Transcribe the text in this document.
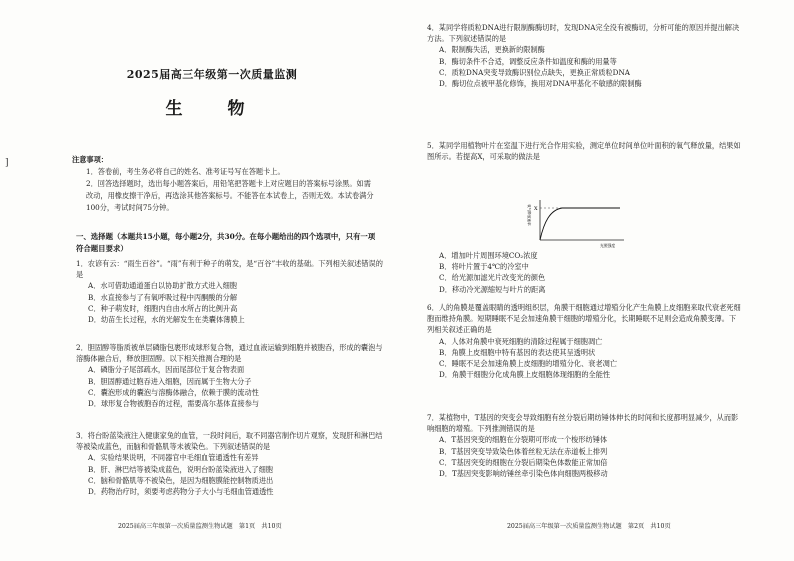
]
2025届高三年级第一次质量监测
生　物
注意事项：
1．答卷前，考生务必将自己的姓名、准考证号写在答题卡上。
2．回答选择题时，选出每小题答案后，用铅笔把答题卡上对应题目的答案标号涂黑。如需改动，用橡皮擦干净后，再选涂其他答案标号。不能答在本试卷上，否则无效。本试卷满分100分，考试时间75分钟。
一、选择题（本题共15小题，每小题2分，共30分。在每小题给出的四个选项中，只有一项符合题目要求）
1．农谚有云：“雨生百谷”。“雨”有利于种子的萌发，是“百谷”丰收的基础。下列相关叙述错误的是
A．水可借助通道蛋白以协助扩散方式进入细胞
B．水直接参与了有氧呼吸过程中丙酮酸的分解
C．种子萌发时，细胞内自由水所占的比例升高
D．幼苗生长过程，水的光解发生在类囊体薄膜上
2．胆固醇等脂质被单层磷脂包裹形成球形复合物，通过血液运输到细胞并被胞吞，形成的囊泡与溶酶体融合后，释放胆固醇。以下相关推测合理的是
A．磷脂分子尾部疏水，因而尾部位于复合物表面
B．胆固醇通过胞吞进入细胞，因而属于生物大分子
C．囊泡形成的囊泡与溶酶体融合，依赖于膜的流动性
D．球形复合物被胞吞的过程，需要高尔基体直接参与
3．将台盼蓝染液注入健康家兔的血管，一段时间后，取不同器官制作切片观察，发现肝和淋巴结等被染成蓝色，而脑和骨骼肌等未被染色。下列叙述错误的是
A．实验结果说明，不同器官中毛细血管通透性有差异
B．肝、淋巴结等被染成蓝色，说明台盼蓝染液进入了细胞
C．脑和骨骼肌等不被染色，是因为细胞膜能控制物质进出
D．药物治疗时，须要考虑药物分子大小与毛细血管通透性
2025届高三年级第一次质量监测生物试题　第1页　共10页
4．某同学将质粒DNA进行限制酶酶切时，发现DNA完全没有被酶切，分析可能的原因并提出解决方法。下列叙述错误的是
A．限制酶失活，更换新的限制酶
B．酶切条件不合适，调整反应条件如温度和酶的用量等
C．质粒DNA突变导致酶识别位点缺失，更换正常质粒DNA
D．酶切位点被甲基化修饰，换用对DNA甲基化不敏感的限制酶
5．某同学用植物叶片在室温下进行光合作用实验，测定单位时间单位叶面积的氧气释放量，结果如图所示。若提高X，可采取的做法是
A．增加叶片周围环境CO₂浓度
B．将叶片置于4℃的冷室中
C．给光源加滤光片改变光的颜色
D．移动冷光源缩短与叶片的距离
6．人的角膜是覆盖眼睛的透明组织层，角膜干细胞通过增殖分化产生角膜上皮细胞来取代衰老死细胞而维持角膜。短期睡眠不足会加速角膜干细胞的增殖分化，长期睡眠不足则会造成角膜变薄。下列相关叙述正确的是
A．人体对角膜中衰死细胞的清除过程属于细胞凋亡
B．角膜上皮细胞中特有基因的表达使其呈透明状
C．睡眠不足会加速角膜上皮细胞的增殖分化、衰老凋亡
D．角膜干细胞分化成角膜上皮细胞体现细胞的全能性
7．某植物中，T基因的突变会导致细胞有丝分裂后期纺锤体伸长的时间和长度都明显减少，从而影响细胞的增殖。下列推测错误的是
A．T基因突变的细胞在分裂期可形成一个梭形纺锤体
B．T基因突变导致染色体着丝粒无法在赤道板上排列
C．T基因突变的细胞在分裂后期染色体数能正常加倍
D．T基因突变影响纺锤丝牵引染色体向细胞两极移动
2025届高三年级第一次质量监测生物试题　第2页　共10页
X
氧气释放速率
光照强度
